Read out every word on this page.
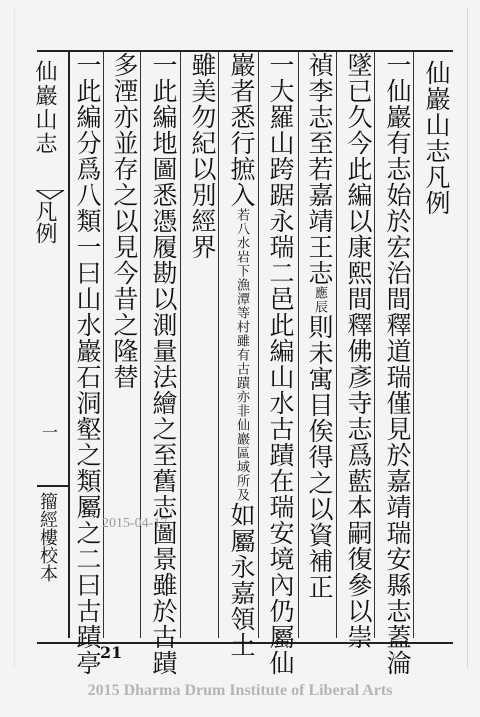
仙巖山志
凡例
一
籀經樓校本
仙巖山志凡例
一仙巖有志始於宏治間釋道瑞僅見於嘉靖瑞安縣志蓋淪
墜已久今此編以康熙間釋佛彥寺志爲藍本嗣復參以崇
禎李志至若嘉靖王志應辰則未寓目俟得之以資補正
一大羅山跨踞永瑞二邑此編山水古蹟在瑞安境內仍屬仙
巖者悉行摭入若八水岩下漁潭等村雖有古蹟亦非仙巖區域所及如屬永嘉領土
雖美勿紀以別經界
一此編地圖悉憑履勘以測量法繪之至舊志圖景雖於古蹟
多湮亦並存之以見今昔之隆替
一此編分爲八類一曰山水巖石洞壑之類屬之二曰古蹟亭 2015-04-17
21
2015 Dharma Drum Institute of Liberal Arts
